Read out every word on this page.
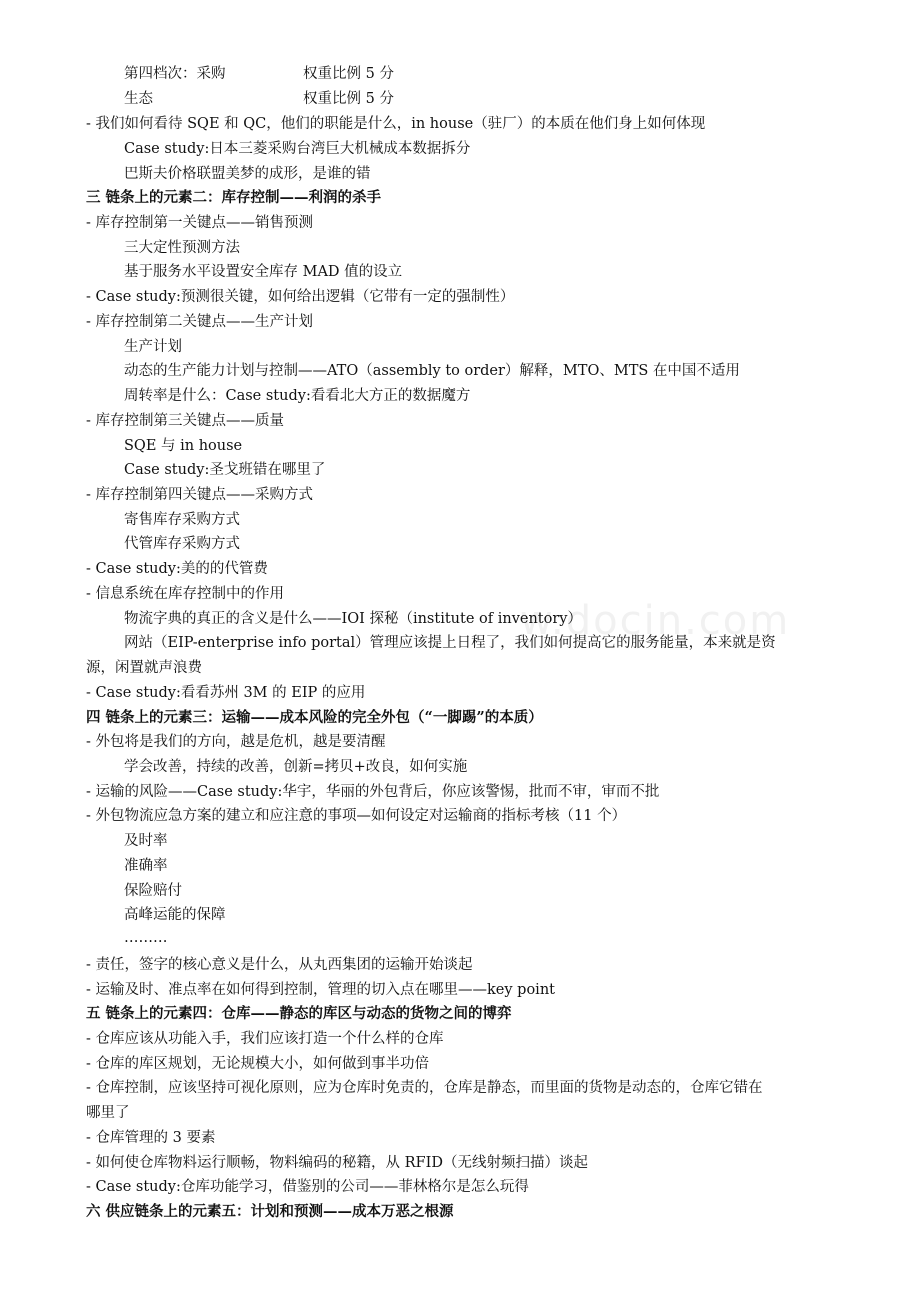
w.docin.com
第四档次：采购	权重比例 5 分
生态	权重比例 5 分
- 我们如何看待 SQE 和 QC，他们的职能是什么，in house（驻厂）的本质在他们身上如何体现
Case study:日本三菱采购台湾巨大机械成本数据拆分
巴斯夫价格联盟美梦的成形，是谁的错
三 链条上的元素二：库存控制——利润的杀手
- 库存控制第一关键点——销售预测
三大定性预测方法
基于服务水平设置安全库存 MAD 值的设立
- Case study:预测很关键，如何给出逻辑（它带有一定的强制性）
- 库存控制第二关键点——生产计划
生产计划
动态的生产能力计划与控制——ATO（assembly to order）解释，MTO、MTS 在中国不适用
周转率是什么：Case study:看看北大方正的数据魔方
- 库存控制第三关键点——质量
SQE 与 in house
Case study:圣戈班错在哪里了
- 库存控制第四关键点——采购方式
寄售库存采购方式
代管库存采购方式
- Case study:美的的代管费
- 信息系统在库存控制中的作用
物流字典的真正的含义是什么——IOI 探秘（institute of inventory）
网站（EIP-enterprise info portal）管理应该提上日程了，我们如何提高它的服务能量，本来就是资
源，闲置就声浪费
- Case study:看看苏州 3M 的 EIP 的应用
四 链条上的元素三：运输——成本风险的完全外包（“一脚踢”的本质）
- 外包将是我们的方向，越是危机，越是要清醒
学会改善，持续的改善，创新=拷贝+改良，如何实施
- 运输的风险——Case study:华宇，华丽的外包背后，你应该警惕，批而不审，审而不批
- 外包物流应急方案的建立和应注意的事项—如何设定对运输商的指标考核（11 个）
及时率
准确率
保险赔付
高峰运能的保障
………
- 责任，签字的核心意义是什么，从丸西集团的运输开始谈起
- 运输及时、准点率在如何得到控制，管理的切入点在哪里——key point
五 链条上的元素四：仓库——静态的库区与动态的货物之间的博弈
- 仓库应该从功能入手，我们应该打造一个什么样的仓库
- 仓库的库区规划，无论规模大小，如何做到事半功倍
- 仓库控制，应该坚持可视化原则，应为仓库时免责的，仓库是静态，而里面的货物是动态的，仓库它错在
哪里了
- 仓库管理的 3 要素
- 如何使仓库物料运行顺畅，物料编码的秘籍，从 RFID（无线射频扫描）谈起
- Case study:仓库功能学习，借鉴别的公司——菲林格尔是怎么玩得
六 供应链条上的元素五：计划和预测——成本万恶之根源
